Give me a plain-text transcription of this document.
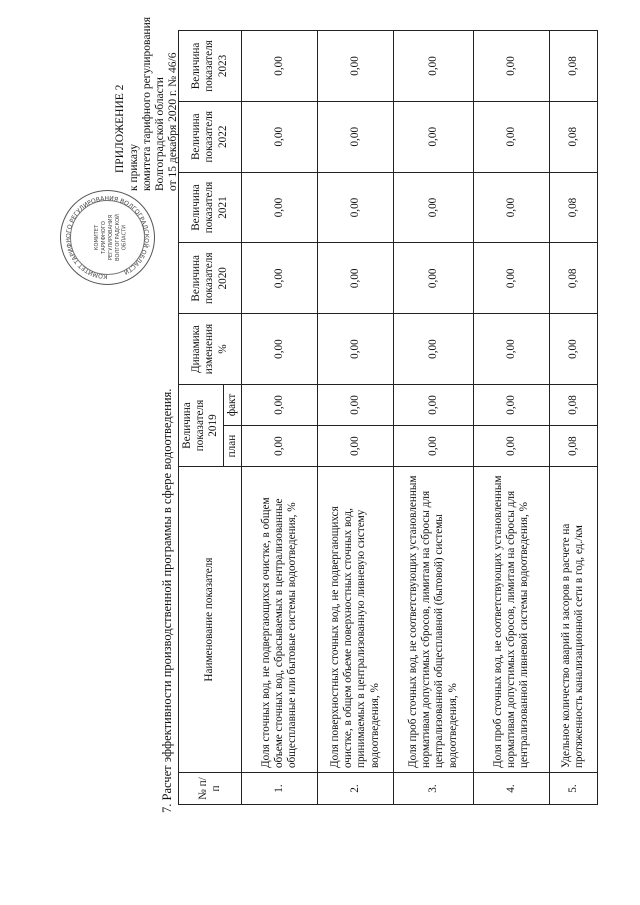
КОМИТЕТ ТАРИФНОГО РЕГУЛИРОВАНИЯ ВОЛГОГРАДСКОЙ ОБЛАСТИ
КОМИТЕТ ТАРИФНОГО РЕГУЛИРОВАНИЯ ВОЛГОГРАДСКОЙ ОБЛАСТИ
ПРИЛОЖЕНИЕ 2 к приказу комитета тарифного регулирования Волгоградской области от 15 декабря 2020 г. № 46/6
7. Расчет эффективности производственной программы в сфере водоотведения. № п/п	Наименование показателя	Величина показателя 2019		Динамика изменения %	Величина показателя 2020	Величина показателя 2021	Величина показателя 2022	Величина показателя 2023
		план	факт					
1.	Доля сточных вод, не подвергающихся очистке, в общем объеме сточных вод, сбрасываемых в централизованные общесплавные или бытовые системы водоотведения, %	0,00	0,00	0,00	0,00	0,00	0,00	0,00
2.	Доля поверхностных сточных вод, не подвергающихся очистке, в общем объеме поверхностных сточных вод, принимаемых в централизованную ливневую систему водоотведения, %	0,00	0,00	0,00	0,00	0,00	0,00	0,00
3.	Доля проб сточных вод, не соответствующих установленным нормативам допустимых сбросов, лимитам на сбросы для централизованной общесплавной (бытовой) системы водоотведения, %	0,00	0,00	0,00	0,00	0,00	0,00	0,00
4.	Доля проб сточных вод, не соответствующих установленным нормативам допустимых сбросов, лимитам на сбросы для централизованной ливневой системы водоотведения, %	0,00	0,00	0,00	0,00	0,00	0,00	0,00
5.	Удельное количество аварий и засоров в расчете на протяженность канализационной сети в год, ед./км	0,08	0,08	0,00	0,08	0,08	0,08	0,08
